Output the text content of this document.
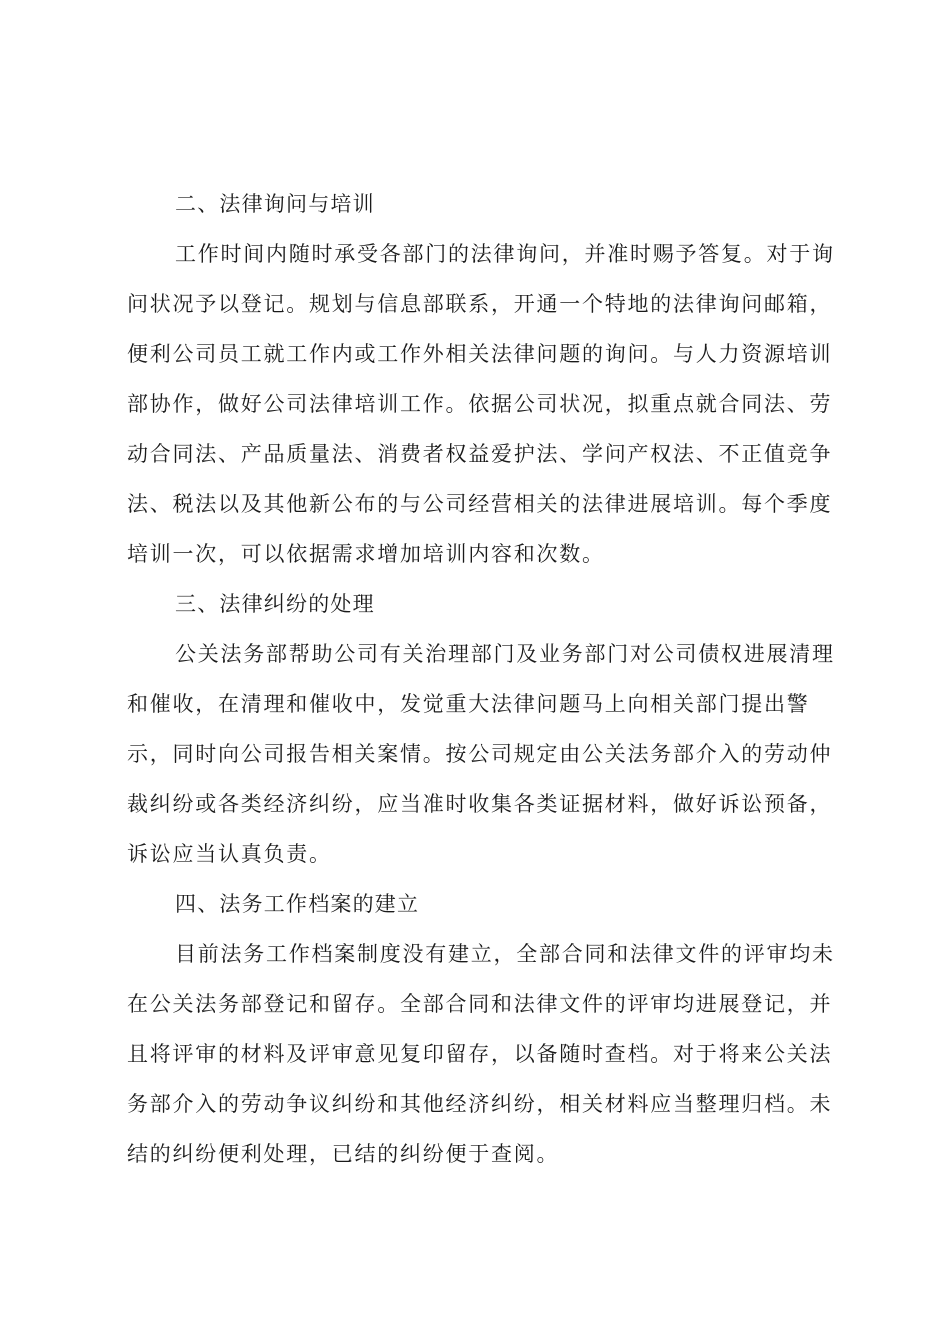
二、法律询问与培训
工作时间内随时承受各部门的法律询问，并准时赐予答复。对于询
问状况予以登记。规划与信息部联系，开通一个特地的法律询问邮箱，
便利公司员工就工作内或工作外相关法律问题的询问。与人力资源培训
部协作，做好公司法律培训工作。依据公司状况，拟重点就合同法、劳
动合同法、产品质量法、消费者权益爱护法、学问产权法、不正值竞争
法、税法以及其他新公布的与公司经营相关的法律进展培训。每个季度
培训一次，可以依据需求增加培训内容和次数。
三、法律纠纷的处理
公关法务部帮助公司有关治理部门及业务部门对公司债权进展清理
和催收，在清理和催收中，发觉重大法律问题马上向相关部门提出警
示，同时向公司报告相关案情。按公司规定由公关法务部介入的劳动仲
裁纠纷或各类经济纠纷，应当准时收集各类证据材料，做好诉讼预备，
诉讼应当认真负责。
四、法务工作档案的建立
目前法务工作档案制度没有建立，全部合同和法律文件的评审均未
在公关法务部登记和留存。全部合同和法律文件的评审均进展登记，并
且将评审的材料及评审意见复印留存，以备随时查档。对于将来公关法
务部介入的劳动争议纠纷和其他经济纠纷，相关材料应当整理归档。未
结的纠纷便利处理，已结的纠纷便于查阅。
